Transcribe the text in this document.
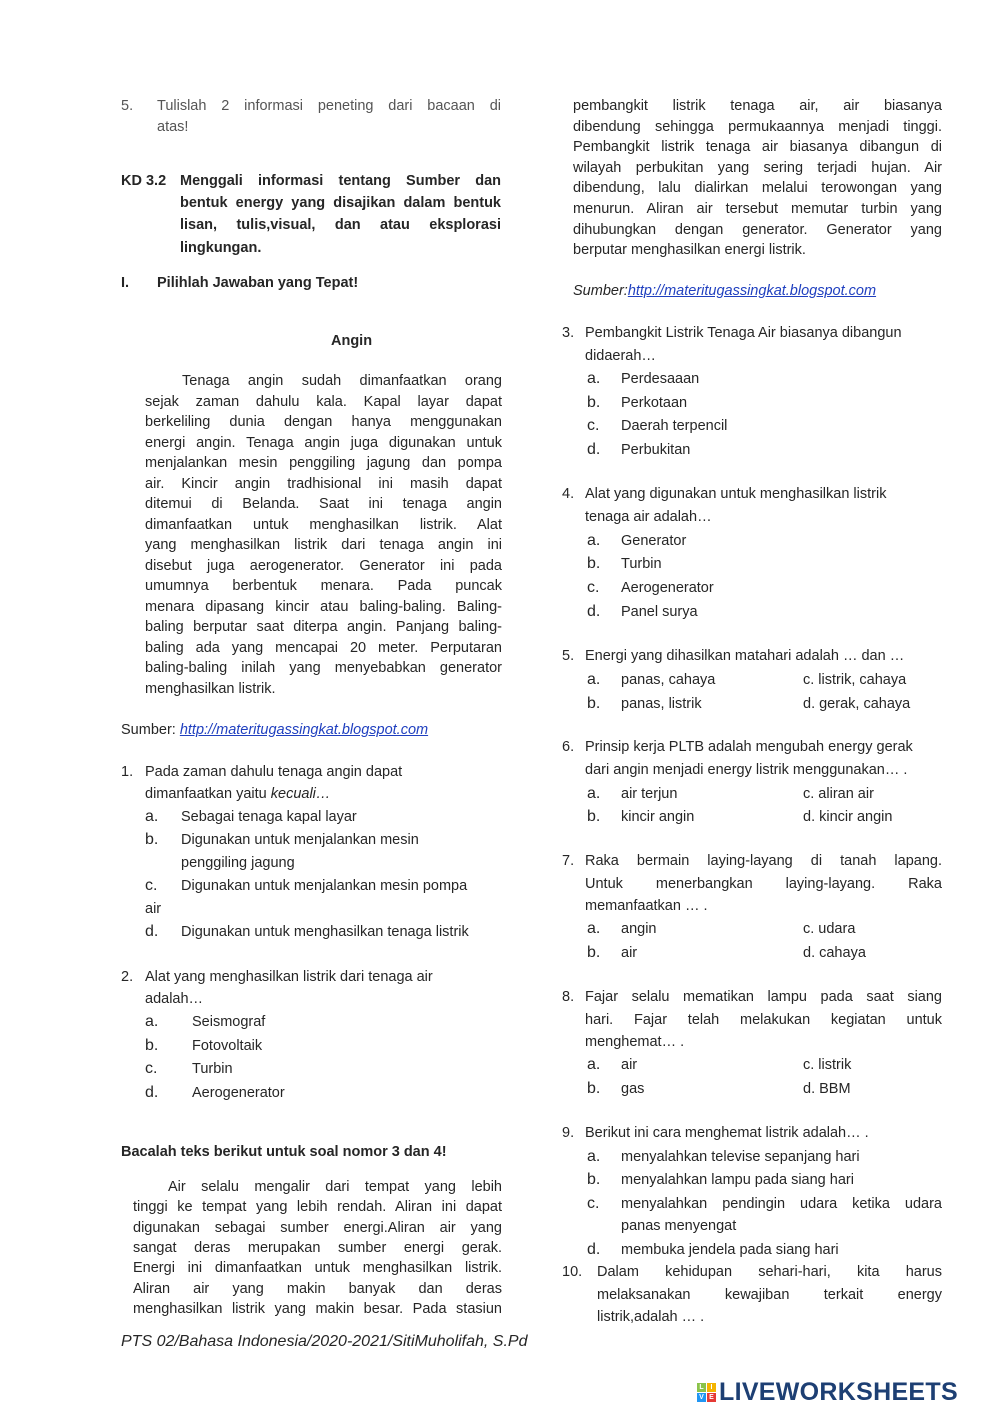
5. Tulislah 2 informasi peneting dari bacaan di
atas!
KD 3.2 Menggali informasi tentang Sumber dan
bentuk energy yang disajikan dalam bentuk
lisan, tulis,visual, dan atau eksplorasi
lingkungan.
I. Pilihlah Jawaban yang Tepat!
Angin
Sumber: http://materitugassingkat.blogspot.com
1. Pada zaman dahulu tenaga angin dapat
dimanfaatkan yaitu kecuali…
a. Sebagai tenaga kapal layar
b. Digunakan untuk menjalankan mesin
penggiling jagung
c. Digunakan untuk menjalankan mesin pompa
air
d. Digunakan untuk menghasilkan tenaga listrik
2. Alat yang menghasilkan listrik dari tenaga air
adalah…
Bacalah teks berikut untuk soal nomor 3 dan 4!
PTS 02/Bahasa Indonesia/2020-2021/SitiMuholifah, S.Pd
Sumber:http://materitugassingkat.blogspot.com
L I
V E LIVEWORKSHEETS
Tenaga angin sudah dimanfaatkan orang
sejak zaman dahulu kala. Kapal layar dapat
berkeliling dunia dengan hanya menggunakan
energi angin. Tenaga angin juga digunakan untuk
menjalankan mesin penggiling jagung dan pompa
air. Kincir angin tradhisional ini masih dapat
ditemui di Belanda. Saat ini tenaga angin
dimanfaatkan untuk menghasilkan listrik. Alat
yang menghasilkan listrik dari tenaga angin ini
disebut juga aerogenerator. Generator ini pada
umumnya berbentuk menara. Pada puncak
menara dipasang kincir atau baling-baling. Baling-
baling berputar saat diterpa angin. Panjang baling-
baling ada yang mencapai 20 meter. Perputaran
baling-baling inilah yang menyebabkan generator
menghasilkan listrik.
a. Seismograf
b. Fotovoltaik
c. Turbin
d. Aerogenerator
Air selalu mengalir dari tempat yang lebih
tinggi ke tempat yang lebih rendah. Aliran ini dapat
digunakan sebagai sumber energi.Aliran air yang
sangat deras merupakan sumber energi gerak.
Energi ini dimanfaatkan untuk menghasilkan listrik.
Aliran air yang makin banyak dan deras
menghasilkan listrik yang makin besar. Pada stasiun
pembangkit listrik tenaga air, air biasanya
dibendung sehingga permukaannya menjadi tinggi.
Pembangkit listrik tenaga air biasanya dibangun di
wilayah perbukitan yang sering terjadi hujan. Air
dibendung, lalu dialirkan melalui terowongan yang
menurun. Aliran air tersebut memutar turbin yang
dihubungkan dengan generator. Generator yang
berputar menghasilkan energi listrik.
3. Pembangkit Listrik Tenaga Air biasanya dibangun
didaerah…
a. Perdesaaan
b. Perkotaan
c. Daerah terpencil
d. Perbukitan
4. Alat yang digunakan untuk menghasilkan listrik
tenaga air adalah…
a. Generator
b. Turbin
c. Aerogenerator
d. Panel surya
5. Energi yang dihasilkan matahari adalah … dan …
a. panas, cahaya	c. listrik, cahaya
b. panas, listrik	d. gerak, cahaya
6. Prinsip kerja PLTB adalah mengubah energy gerak
dari angin menjadi energy listrik menggunakan… .
a. air terjun	c. aliran air
b. kincir angin	d. kincir angin
7. Raka bermain laying-layang di tanah lapang.
Untuk menerbangkan laying-layang. Raka
memanfaatkan … .
a. angin	c. udara
b. air	d. cahaya
8. Fajar selalu mematikan lampu pada saat siang
hari. Fajar telah melakukan kegiatan untuk
menghemat… .
a. air	c. listrik
b. gas	d. BBM
9. Berikut ini cara menghemat listrik adalah… .
a. menyalahkan televise sepanjang hari
b. menyalahkan lampu pada siang hari
c. menyalahkan pendingin udara ketika udara
panas menyengat
d. membuka jendela pada siang hari
10. Dalam kehidupan sehari-hari, kita harus
melaksanakan kewajiban terkait energy
listrik,adalah … .
